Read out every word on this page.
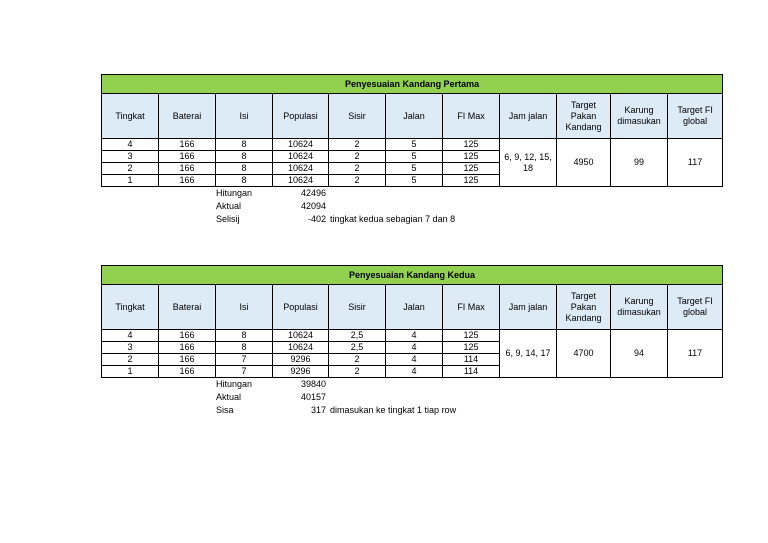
Penyesuaian Kandang Pertama										
Tingkat	Baterai	Isi	Populasi	Sisir	Jalan	FI Max	Jam jalan	Target Pakan Kandang	Karung dimasukan	Target FI global
4	166	8	10624	2	5	125	6, 9, 12, 15, 18	4950	99	117
3	166	8	10624	2	5	125				
2	166	8	10624	2	5	125				
1	166	8	10624	2	5	125				
Hitungan	42496
Aktual	42094
Selisij	-402 tingkat kedua sebagian 7 dan 8
Penyesuaian Kandang Kedua										
Tingkat	Baterai	Isi	Populasi	Sisir	Jalan	FI Max	Jam jalan	Target Pakan Kandang	Karung dimasukan	Target FI global
4	166	8	10624	2,5	4	125	6, 9, 14, 17	4700	94	117
3	166	8	10624	2,5	4	125				
2	166	7	9296	2	4	114				
1	166	7	9296	2	4	114				
Hitungan	39840
Aktual	40157
Sisa	317 dimasukan ke tingkat 1 tiap row
